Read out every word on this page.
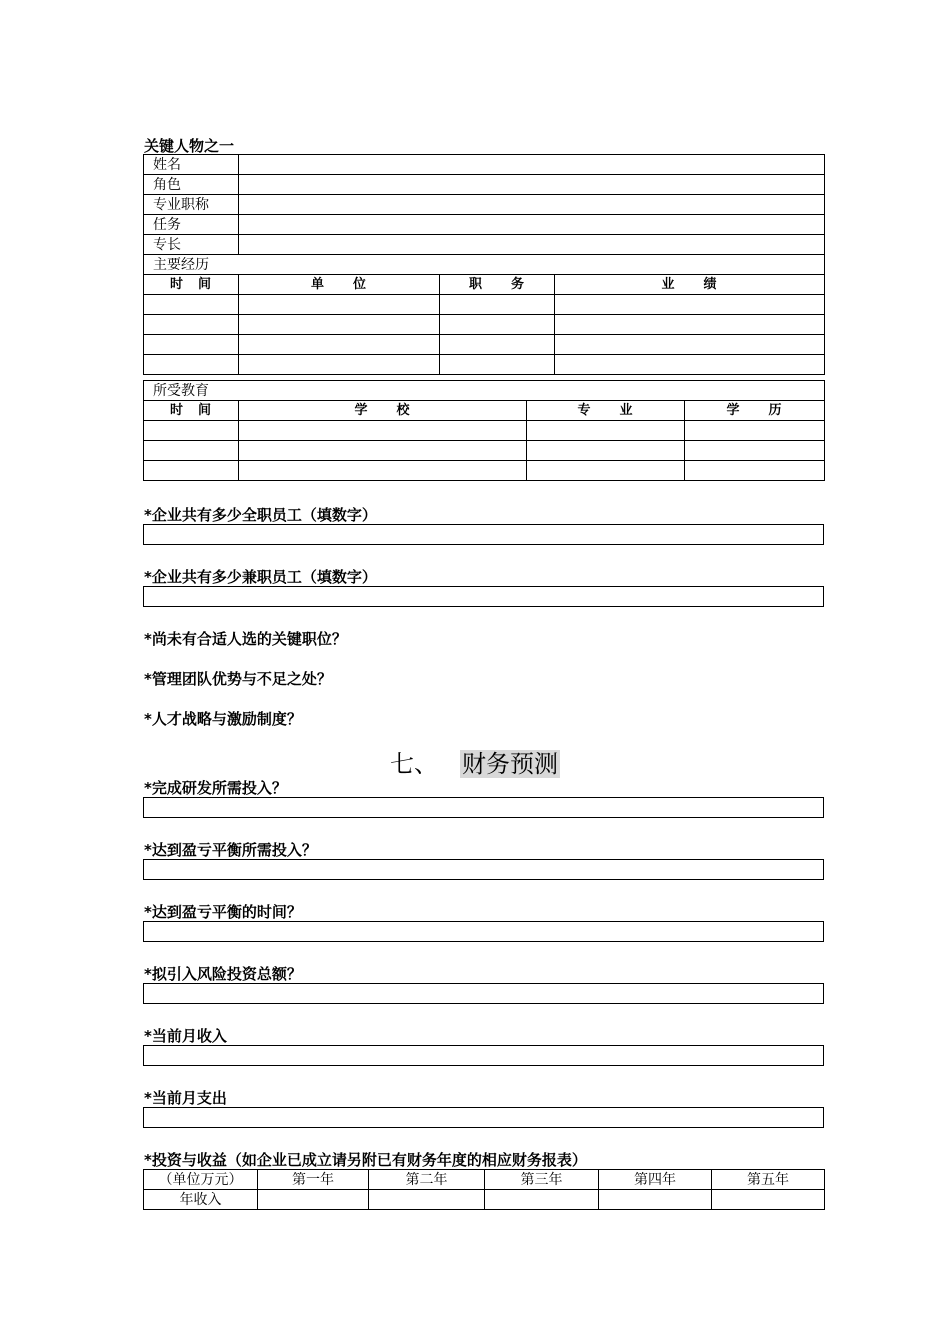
关键人物之一
姓名			
角色			
专业职称			
任务			
专长			
主要经历			
时　间	单　　位	职　　务	业　　绩

所受教育			
时　间	学　　校	专　　业	学　　历

*企业共有多少全职员工（填数字）
*企业共有多少兼职员工（填数字）
*尚未有合适人选的关键职位？
*管理团队优势与不足之处？
*人才战略与激励制度？
七、 财务预测
*完成研发所需投入？
*达到盈亏平衡所需投入？
*达到盈亏平衡的时间？
*拟引入风险投资总额？
*当前月收入
*当前月支出
*投资与收益（如企业已成立请另附已有财务年度的相应财务报表）
（单位万元）	第一年	第二年	第三年	第四年	第五年
年收入					
